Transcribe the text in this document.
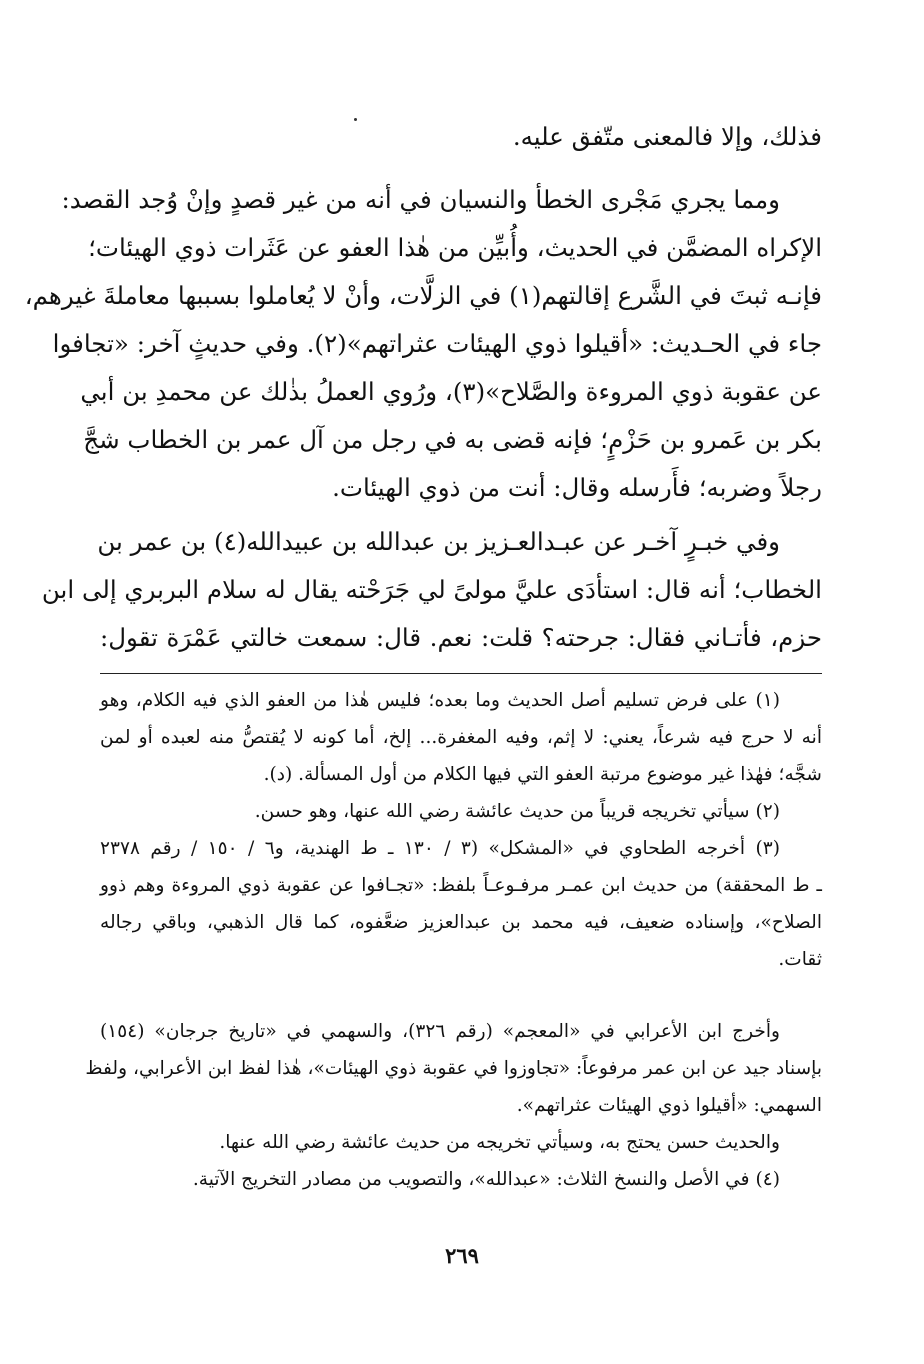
فذلك، وإلا فالمعنى متّفق عليه.
ومما يجري مَجْرى الخطأ والنسيان في أنه من غير قصدٍ وإنْ وُجد القصد:
الإكراه المضمَّن في الحديث، وأُبيِّن من هٰذا العفو عن عَثَرات ذوي الهيئات؛
فإنـه ثبتَ في الشَّرع إقالتهم(١) في الزلَّات، وأنْ لا يُعاملوا بسببها معاملةَ غيرهم،
جاء في الحـديث: «أقيلوا ذوي الهيئات عثراتهم»(٢). وفي حديثٍ آخر: «تجافوا
عن عقوبة ذوي المروءة والصَّلاح»(٣)، ورُوي العملُ بذٰلك عن محمدِ بن أبي
بكر بن عَمرو بن حَزْمٍ؛ فإنه قضى به في رجل من آل عمر بن الخطاب شجَّ
رجلاً وضربه؛ فأَرسله وقال: أنت من ذوي الهيئات.
وفي خبـرٍ آخـر عن عبـدالعـزيز بن عبدالله بن عبيدالله(٤) بن عمر بن
الخطاب؛ أنه قال: استأدَى عليَّ مولىً لي جَرَحْته يقال له سلام البربري إلى ابن
حزم، فأتـاني فقال: جرحته؟ قلت: نعم. قال: سمعت خالتي عَمْرَة تقول:
(١) على فرض تسليم أصل الحديث وما بعده؛ فليس هٰذا من العفو الذي فيه الكلام، وهو
أنه لا حرج فيه شرعاً، يعني: لا إثم، وفيه المغفرة... إلخ، أما كونه لا يُقتصُّ منه لعبده أو لمن
شجَّه؛ فهٰذا غير موضوع مرتبة العفو التي فيها الكلام من أول المسألة. (د).
(٢) سيأتي تخريجه قريباً من حديث عائشة رضي الله عنها، وهو حسن.
(٣) أخرجه الطحاوي في «المشكل» (٣ / ١٣٠ ـ ط الهندية، و٦ / ١٥٠ / رقم ٢٣٧٨
ـ ط المحققة) من حديث ابن عمـر مرفـوعـاً بلفظ: «تجـافوا عن عقوبة ذوي المروءة وهم ذوو
الصلاح»، وإسناده ضعيف، فيه محمد بن عبدالعزيز ضعَّفوه، كما قال الذهبي، وباقي رجاله
ثقات.
وأخرج ابن الأعرابي في «المعجم» (رقم ٣٢٦)، والسهمي في «تاريخ جرجان» (١٥٤)
بإسناد جيد عن ابن عمر مرفوعاً: «تجاوزوا في عقوبة ذوي الهيئات»، هٰذا لفظ ابن الأعرابي، ولفظ
السهمي: «أقيلوا ذوي الهيئات عثراتهم».
والحديث حسن يحتج به، وسيأتي تخريجه من حديث عائشة رضي الله عنها.
(٤) في الأصل والنسخ الثلاث: «عبدالله»، والتصويب من مصادر التخريج الآتية.
٢٦٩
